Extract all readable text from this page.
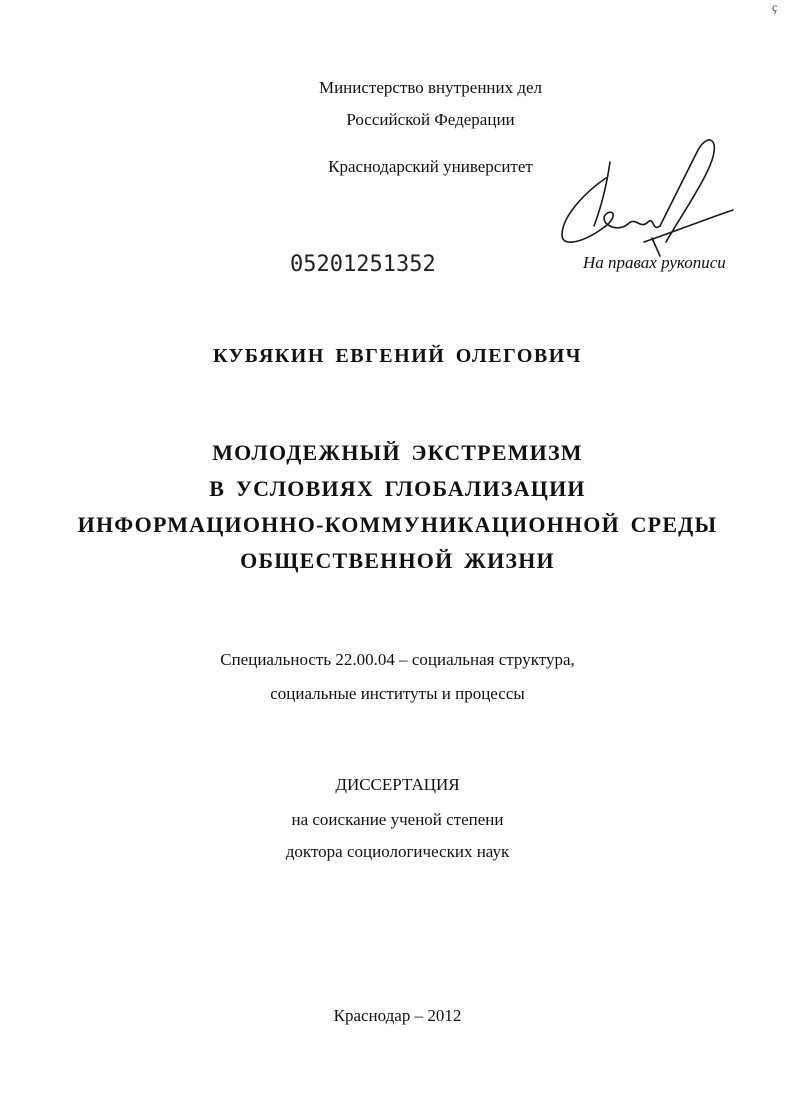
ç
Министерство внутренних дел
Российской Федерации
Краснодарский университет
05201251352	На правах рукописи
КУБЯКИН ЕВГЕНИЙ ОЛЕГОВИЧ
МОЛОДЕЖНЫЙ ЭКСТРЕМИЗМ
В УСЛОВИЯХ ГЛОБАЛИЗАЦИИ
ИНФОРМАЦИОННО-КОММУНИКАЦИОННОЙ СРЕДЫ
ОБЩЕСТВЕННОЙ ЖИЗНИ
Специальность 22.00.04 – социальная структура,
социальные институты и процессы
ДИССЕРТАЦИЯ
на соискание ученой степени
доктора социологических наук
Краснодар – 2012
